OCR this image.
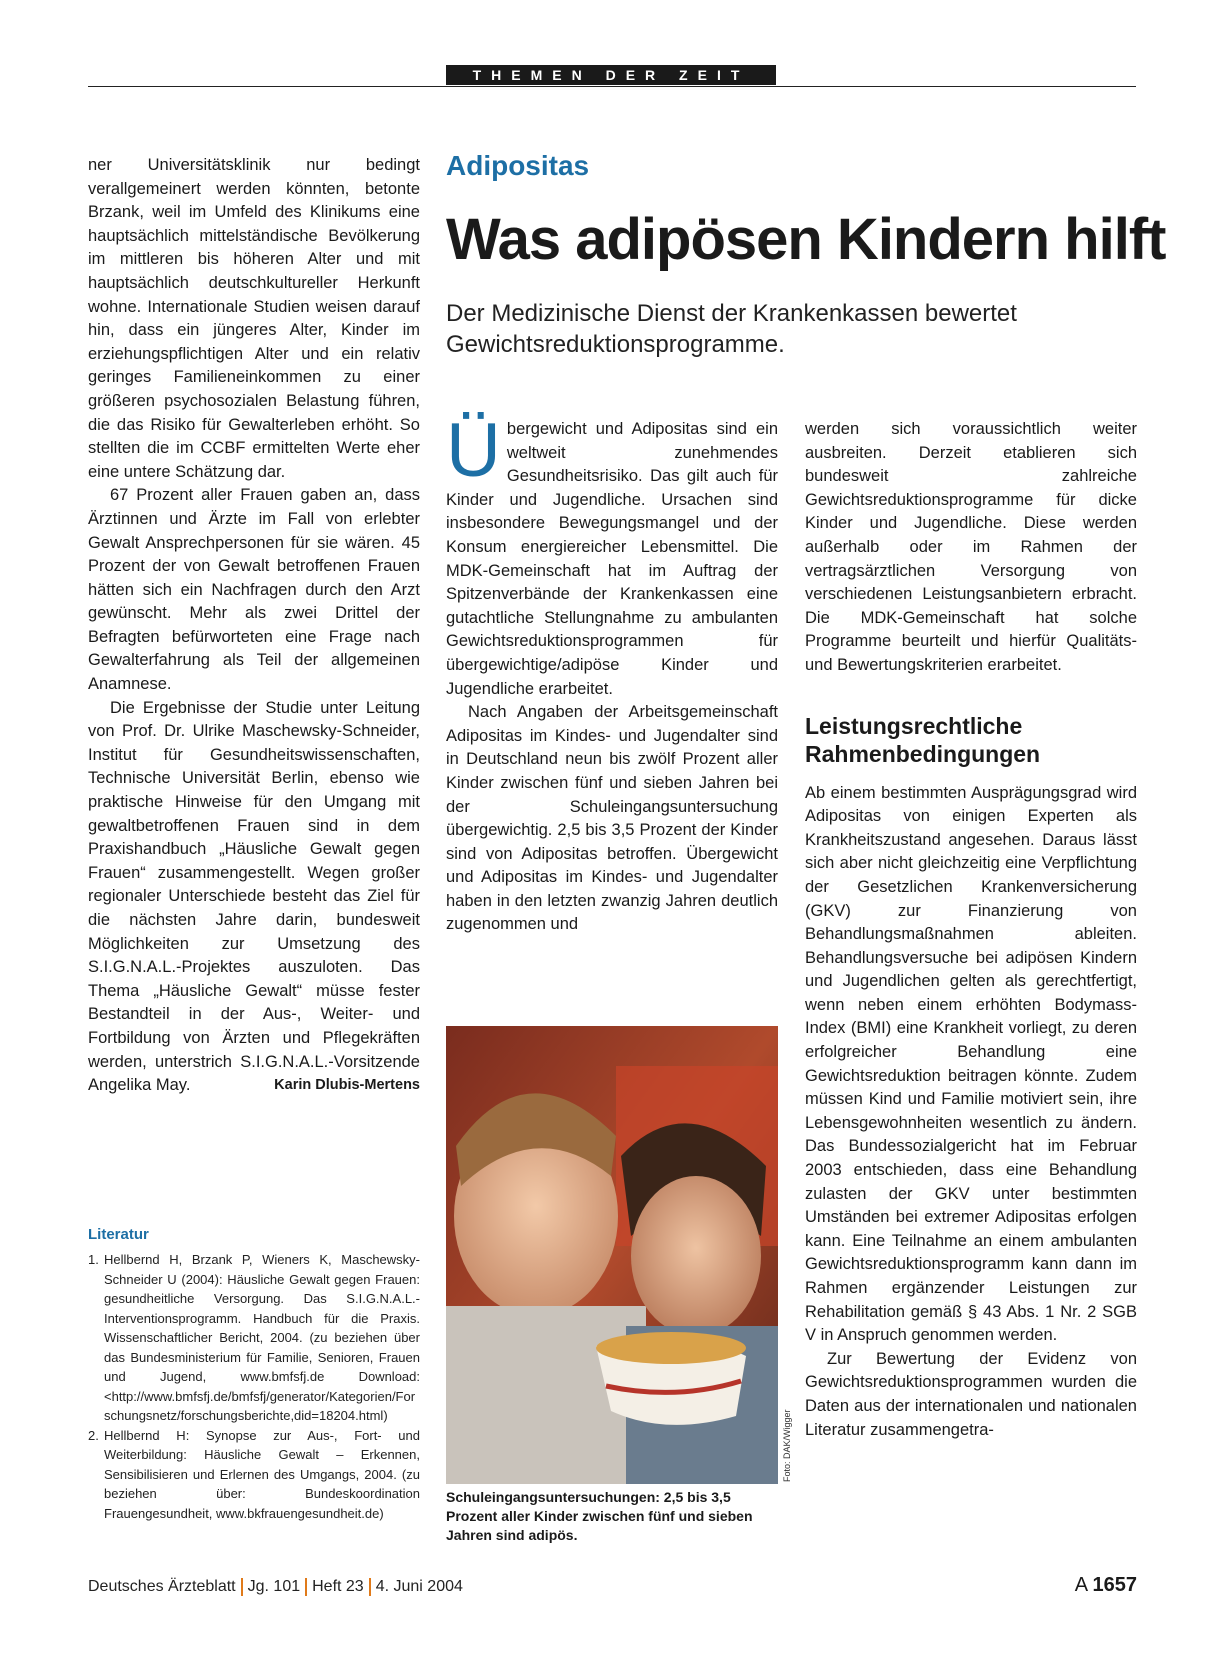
THEMEN DER ZEIT

ner Universitätsklinik nur bedingt verallgemeinert werden könnten, betonte Brzank, weil im Umfeld des Klinikums eine hauptsächlich mittelständische Bevölkerung im mittleren bis höheren Alter und mit hauptsächlich deutschkultureller Herkunft wohne. Internationale Studien weisen darauf hin, dass ein jüngeres Alter, Kinder im erziehungspflichtigen Alter und ein relativ geringes Familieneinkommen zu einer größeren psychosozialen Belastung führen, die das Risiko für Gewalterleben erhöht. So stellten die im CCBF ermittelten Werte eher eine untere Schätzung dar.

67 Prozent aller Frauen gaben an, dass Ärztinnen und Ärzte im Fall von erlebter Gewalt Ansprechpersonen für sie wären. 45 Prozent der von Gewalt betroffenen Frauen hätten sich ein Nachfragen durch den Arzt gewünscht. Mehr als zwei Drittel der Befragten befürworteten eine Frage nach Gewalterfahrung als Teil der allgemeinen Anamnese.

Die Ergebnisse der Studie unter Leitung von Prof. Dr. Ulrike Maschewsky-Schneider, Institut für Gesundheitswissenschaften, Technische Universität Berlin, ebenso wie praktische Hinweise für den Umgang mit gewaltbetroffenen Frauen sind in dem Praxishandbuch „Häusliche Gewalt gegen Frauen“ zusammengestellt. Wegen großer regionaler Unterschiede besteht das Ziel für die nächsten Jahre darin, bundesweit Möglichkeiten zur Umsetzung des S.I.G.N.A.L.-Projektes auszuloten. Das Thema „Häusliche Gewalt“ müsse fester Bestandteil in der Aus-, Weiter- und Fortbildung von Ärzten und Pflegekräften werden, unterstrich S.I.G.N.A.L.-Vorsitzende Angelika May.	Karin Dlubis-Mertens

Literatur
1. Hellbernd H, Brzank P, Wieners K, Maschewsky-Schneider U (2004): Häusliche Gewalt gegen Frauen: gesundheitliche Versorgung. Das S.I.G.N.A.L.-Interventionsprogramm. Handbuch für die Praxis. Wissenschaftlicher Bericht, 2004. (zu beziehen über das Bundesministerium für Familie, Senioren, Frauen und Jugend, www.bmfsfj.de Download:<http://www.bmfsfj.de/bmfsfj/generator/Kategorien/Forschungsnetz/forschungsberichte,did=18204.html)
2. Hellbernd H: Synopse zur Aus-, Fort- und Weiterbildung: Häusliche Gewalt – Erkennen, Sensibilisieren und Erlernen des Umgangs, 2004. (zu beziehen über: Bundeskoordination Frauengesundheit, www.bkfrauengesundheit.de)
Adipositas
Was adipösen Kindern hilft
Der Medizinische Dienst der Krankenkassen bewertet Gewichtsreduktionsprogramme.

Übergewicht und Adipositas sind ein weltweit zunehmendes Gesundheitsrisiko. Das gilt auch für Kinder und Jugendliche. Ursachen sind insbesondere Bewegungsmangel und der Konsum energiereicher Lebensmittel. Die MDK-Gemeinschaft hat im Auftrag der Spitzenverbände der Krankenkassen eine gutachtliche Stellungnahme zu ambulanten Gewichtsreduktionsprogrammen für übergewichtige/adipöse Kinder und Jugendliche erarbeitet.

Nach Angaben der Arbeitsgemeinschaft Adipositas im Kindes- und Jugendalter sind in Deutschland neun bis zwölf Prozent aller Kinder zwischen fünf und sieben Jahren bei der Schuleingangsuntersuchung übergewichtig. 2,5 bis 3,5 Prozent der Kinder sind von Adipositas betroffen. Übergewicht und Adipositas im Kindes- und Jugendalter haben in den letzten zwanzig Jahren deutlich zugenommen und

Foto: DAK/Wigger
Schuleingangsuntersuchungen: 2,5 bis 3,5 Prozent aller Kinder zwischen fünf und sieben Jahren sind adipös.

werden sich voraussichtlich weiter ausbreiten. Derzeit etablieren sich bundesweit zahlreiche Gewichtsreduktionsprogramme für dicke Kinder und Jugendliche. Diese werden außerhalb oder im Rahmen der vertragsärztlichen Versorgung von verschiedenen Leistungsanbietern erbracht. Die MDK-Gemeinschaft hat solche Programme beurteilt und hierfür Qualitäts- und Bewertungskriterien erarbeitet.

Leistungsrechtliche Rahmenbedingungen

Ab einem bestimmten Ausprägungsgrad wird Adipositas von einigen Experten als Krankheitszustand angesehen. Daraus lässt sich aber nicht gleichzeitig eine Verpflichtung der Gesetzlichen Krankenversicherung (GKV) zur Finanzierung von Behandlungsmaßnahmen ableiten. Behandlungsversuche bei adipösen Kindern und Jugendlichen gelten als gerechtfertigt, wenn neben einem erhöhten Bodymass-Index (BMI) eine Krankheit vorliegt, zu deren erfolgreicher Behandlung eine Gewichtsreduktion beitragen könnte. Zudem müssen Kind und Familie motiviert sein, ihre Lebensgewohnheiten wesentlich zu ändern. Das Bundessozialgericht hat im Februar 2003 entschieden, dass eine Behandlung zulasten der GKV unter bestimmten Umständen bei extremer Adipositas erfolgen kann. Eine Teilnahme an einem ambulanten Gewichtsreduktionsprogramm kann dann im Rahmen ergänzender Leistungen zur Rehabilitation gemäß § 43 Abs. 1 Nr. 2 SGB V in Anspruch genommen werden.

Zur Bewertung der Evidenz von Gewichtsreduktionsprogrammen wurden die Daten aus der internationalen und nationalen Literatur zusammengetra-

Deutsches Ärzteblatt Jg. 101 Heft 23 4. Juni 2004	A 1657
